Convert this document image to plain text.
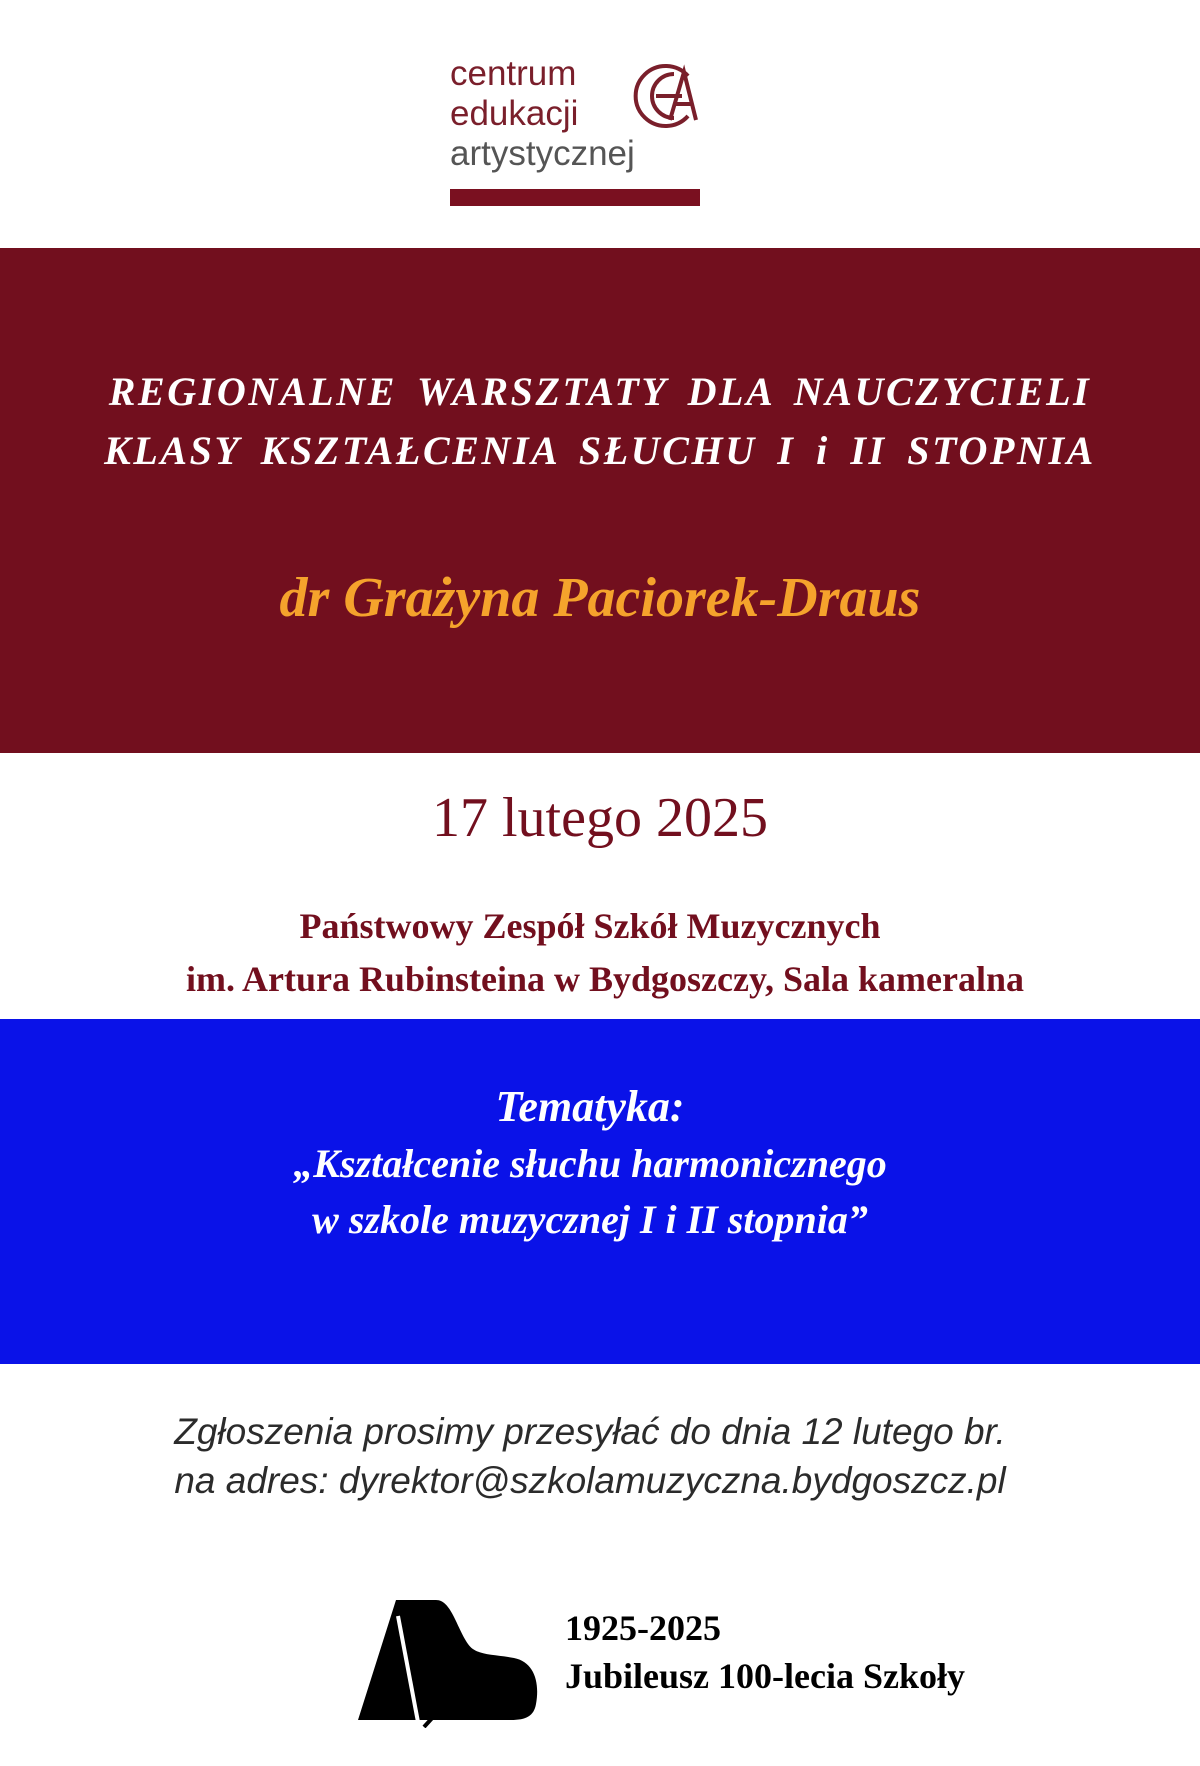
centrum
edukacji
artystycznej
REGIONALNE WARSZTATY DLA NAUCZYCIELI
KLASY KSZTAŁCENIA SŁUCHU I i II STOPNIA
dr Grażyna Paciorek-Draus
17 lutego 2025
Państwowy Zespół Szkół Muzycznych
im. Artura Rubinsteina w Bydgoszczy, Sala kameralna
Tematyka:
„Kształcenie słuchu harmonicznego
w szkole muzycznej I i II stopnia”
Zgłoszenia prosimy przesyłać do dnia 12 lutego br.
na adres: dyrektor@szkolamuzyczna.bydgoszcz.pl
1925-2025
Jubileusz 100-lecia Szkoły
